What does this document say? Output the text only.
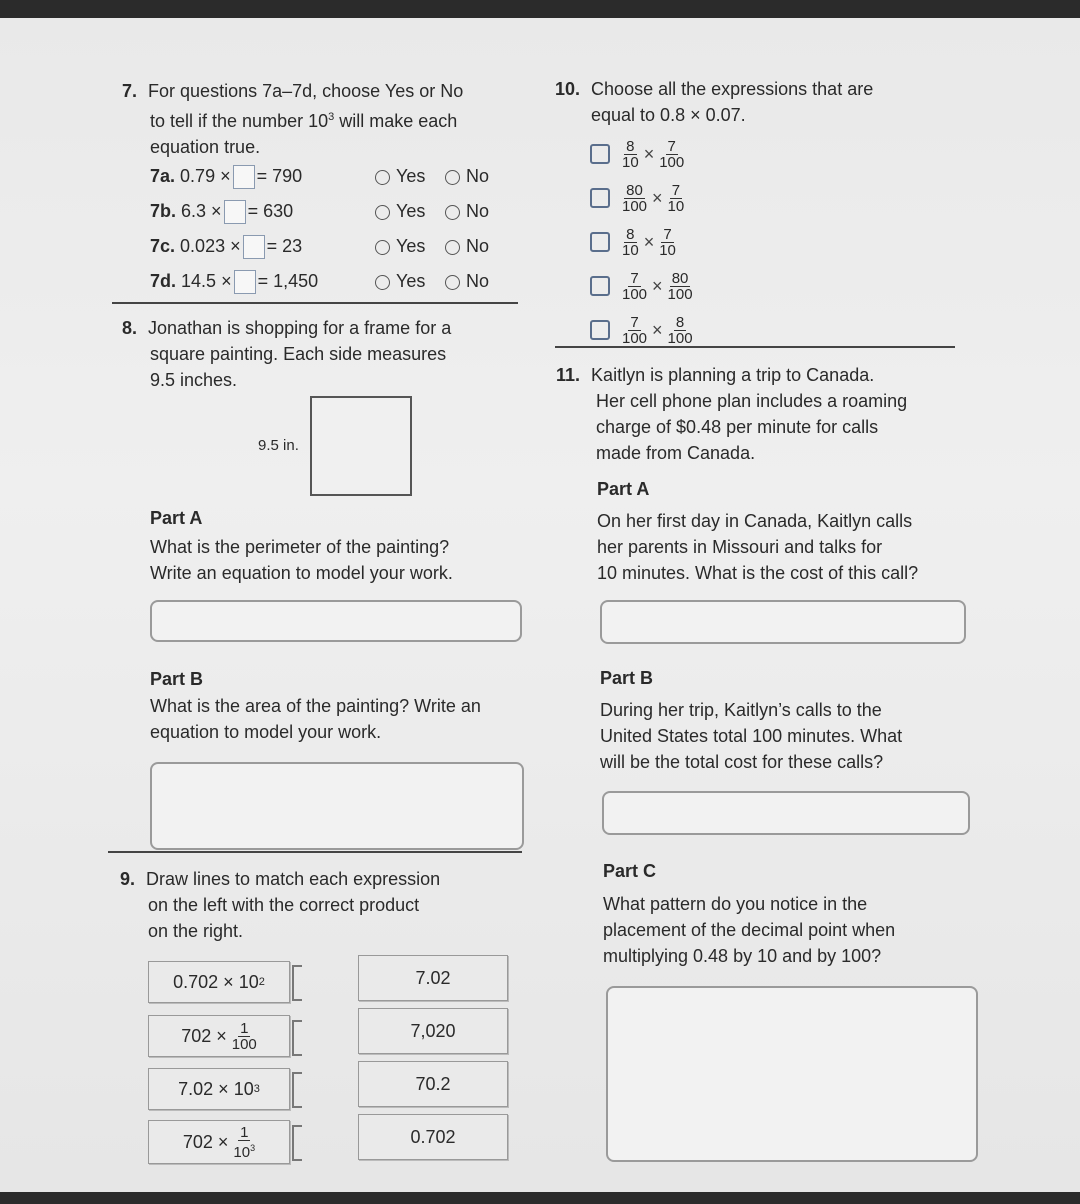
7. For questions 7a–7d, choose Yes or No
to tell if the number $10^3$ will make each
equation true.
7a. 0.79 × = 790	Yes	No
7b. 6.3 × = 630	Yes	No
7c. 0.023 × = 23	Yes	No
7d. 14.5 × = 1,450	Yes	No
8. Jonathan is shopping for a frame for a
square painting. Each side measures
9.5 inches.
9.5 in.
Part A
What is the perimeter of the painting?
Write an equation to model your work.
Part B
What is the area of the painting? Write an
equation to model your work.
9. Draw lines to match each expression
on the left with the correct product
on the right.
0.702 × 10 2
$702 \times \frac{1}{100}$
7.02 × 10 3
$702 \times \frac{1}{10^3}$
7.02
7,020
70.2
0.702
10. Choose all the expressions that are
equal to 0.8 × 0.07.
$\frac{8}{10} \times \frac{7}{100}$
$\frac{80}{100} \times \frac{7}{10}$
$\frac{8}{10} \times \frac{7}{10}$
$\frac{7}{100} \times \frac{80}{100}$
$\frac{7}{100} \times \frac{8}{100}$
11. Kaitlyn is planning a trip to Canada.
Her cell phone plan includes a roaming
charge of $0.48 per minute for calls
made from Canada.
Part A
On her first day in Canada, Kaitlyn calls
her parents in Missouri and talks for
10 minutes. What is the cost of this call?
Part B
During her trip, Kaitlyn’s calls to the
United States total 100 minutes. What
will be the total cost for these calls?
Part C
What pattern do you notice in the
placement of the decimal point when
multiplying 0.48 by 10 and by 100?
